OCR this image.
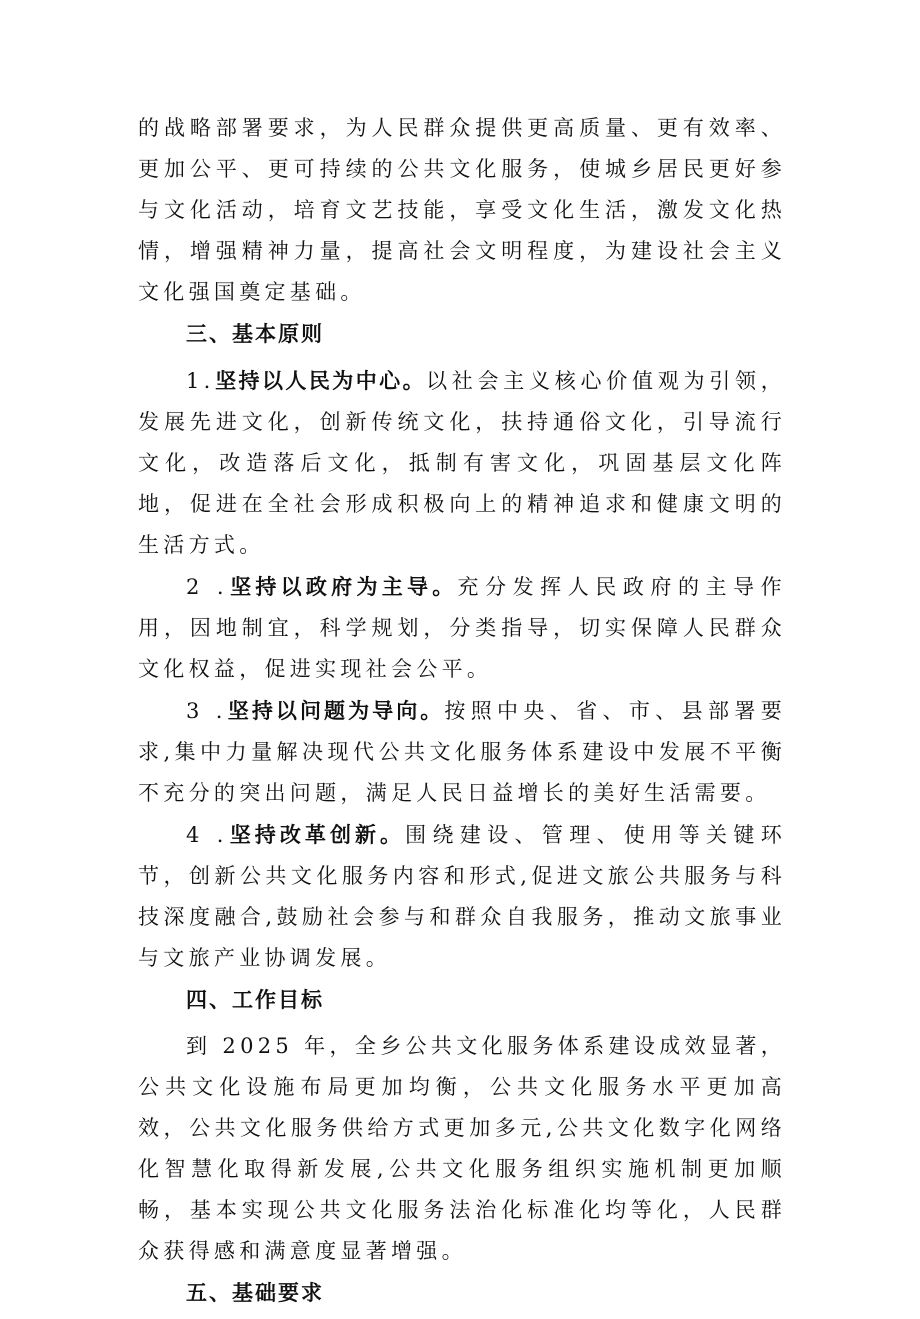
的战略部署要求，为人民群众提供更高质量、更有效率、更加公平、更可持续的公共文化服务，使城乡居民更好参与文化活动，培育文艺技能，享受文化生活，激发文化热情，增强精神力量，提高社会文明程度，为建设社会主义文化强国奠定基础。

三、基本原则

1.坚持以人民为中心。以社会主义核心价值观为引领，发展先进文化，创新传统文化，扶持通俗文化，引导流行文化，改造落后文化，抵制有害文化，巩固基层文化阵地，促进在全社会形成积极向上的精神追求和健康文明的生活方式。

2 .坚持以政府为主导。充分发挥人民政府的主导作用，因地制宜，科学规划，分类指导，切实保障人民群众文化权益，促进实现社会公平。

3 .坚持以问题为导向。按照中央、省、市、县部署要求,集中力量解决现代公共文化服务体系建设中发展不平衡不充分的突出问题，满足人民日益增长的美好生活需要。

4 .坚持改革创新。围绕建设、管理、使用等关键环节，创新公共文化服务内容和形式,促进文旅公共服务与科技深度融合,鼓励社会参与和群众自我服务，推动文旅事业与文旅产业协调发展。

四、工作目标

到 2025 年，全乡公共文化服务体系建设成效显著，公共文化设施布局更加均衡，公共文化服务水平更加高效，公共文化服务供给方式更加多元,公共文化数字化网络化智慧化取得新发展,公共文化服务组织实施机制更加顺畅，基本实现公共文化服务法治化标准化均等化，人民群众获得感和满意度显著增强。

五、基础要求
